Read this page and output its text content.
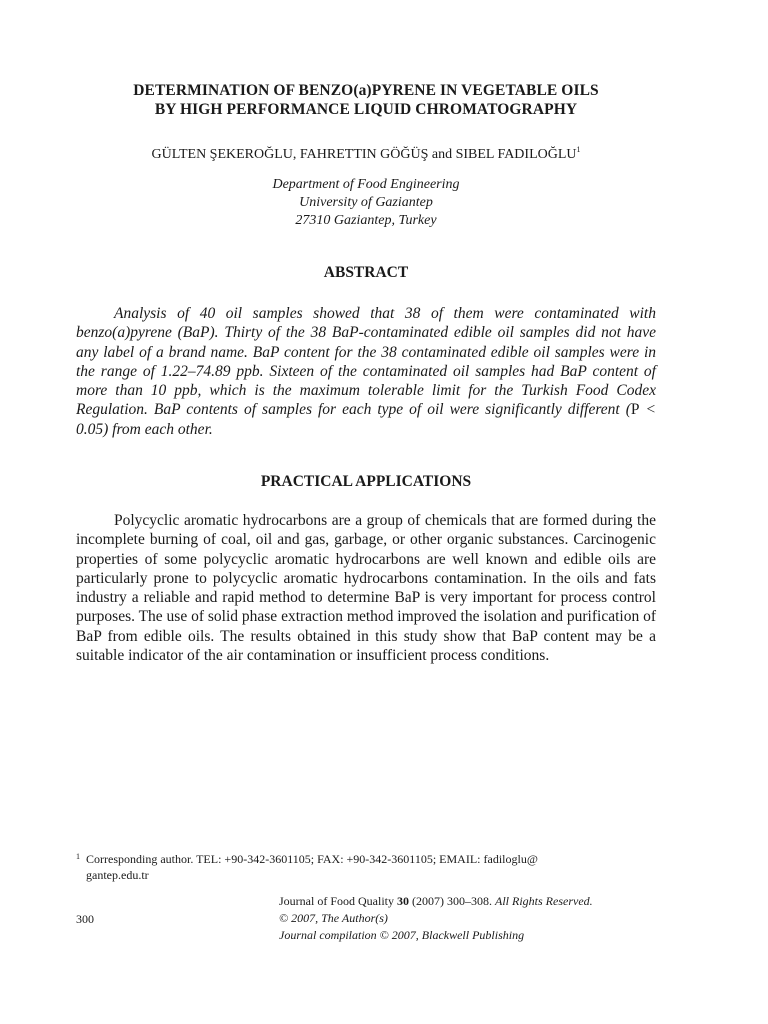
DETERMINATION OF BENZO(a)PYRENE IN VEGETABLE OILS
BY HIGH PERFORMANCE LIQUID CHROMATOGRAPHY
GÜLTEN ŞEKEROĞLU, FAHRETTIN GÖĞÜŞ and SIBEL FADILOĞLU$^1$
Department of Food Engineering
University of Gaziantep
27310 Gaziantep, Turkey
ABSTRACT
Analysis of 40 oil samples showed that 38 of them were contaminated with benzo(a)pyrene (BaP). Thirty of the 38 BaP-contaminated edible oil samples did not have any label of a brand name. BaP content for the 38 contaminated edible oil samples were in the range of 1.22–74.89 ppb. Sixteen of the contaminated oil samples had BaP content of more than 10 ppb, which is the maximum tolerable limit for the Turkish Food Codex Regulation. BaP contents of samples for each type of oil were significantly different (P < 0.05) from each other.
PRACTICAL APPLICATIONS
Polycyclic aromatic hydrocarbons are a group of chemicals that are formed during the incomplete burning of coal, oil and gas, garbage, or other organic substances. Carcinogenic properties of some polycyclic aromatic hydrocarbons are well known and edible oils are particularly prone to polycyclic aromatic hydrocarbons contamination. In the oils and fats industry a reliable and rapid method to determine BaP is very important for process control purposes. The use of solid phase extraction method improved the isolation and purification of BaP from edible oils. The results obtained in this study show that BaP content may be a suitable indicator of the air contamination or insufficient process conditions.
$^1$ Corresponding author. TEL: +90-342-3601105; FAX: +90-342-3601105; EMAIL: fadiloglu@
gantep.edu.tr
300
Journal of Food Quality 30 (2007) 300–308. All Rights Reserved.
© 2007, The Author(s)
Journal compilation © 2007, Blackwell Publishing
